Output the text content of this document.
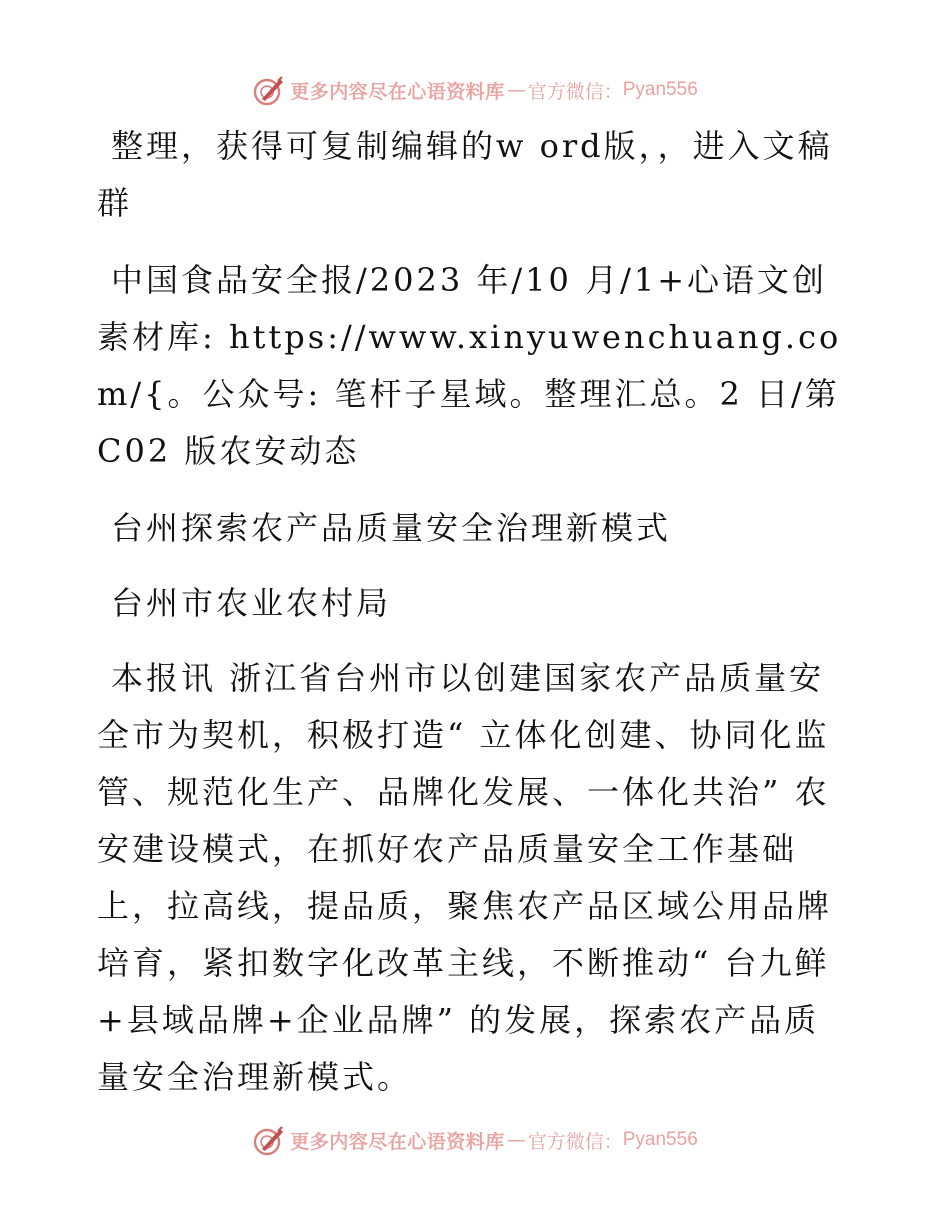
更多内容尽在心语资料库 — 官方微信： Pyan556

整理，获得可复制编辑的w ord版，，进入文稿群

中国食品安全报/2023 年/10 月/1+心语文创素材库: https://www.xinyuwenchuang.com/{。公众号: 笔杆子星域。整理汇总。2 日/第 C02 版农安动态

台州探索农产品质量安全治理新模式

台州市农业农村局

本报讯 浙江省台州市以创建国家农产品质量安全市为契机，积极打造“ 立体化创建、协同化监管、规范化生产、品牌化发展、一体化共治” 农安建设模式，在抓好农产品质量安全工作基础上，拉高线，提品质，聚焦农产品区域公用品牌培育，紧扣数字化改革主线，不断推动“ 台九鲜+县域品牌+企业品牌” 的发展，探索农产品质量安全治理新模式。

更多内容尽在心语资料库 — 官方微信： Pyan556
